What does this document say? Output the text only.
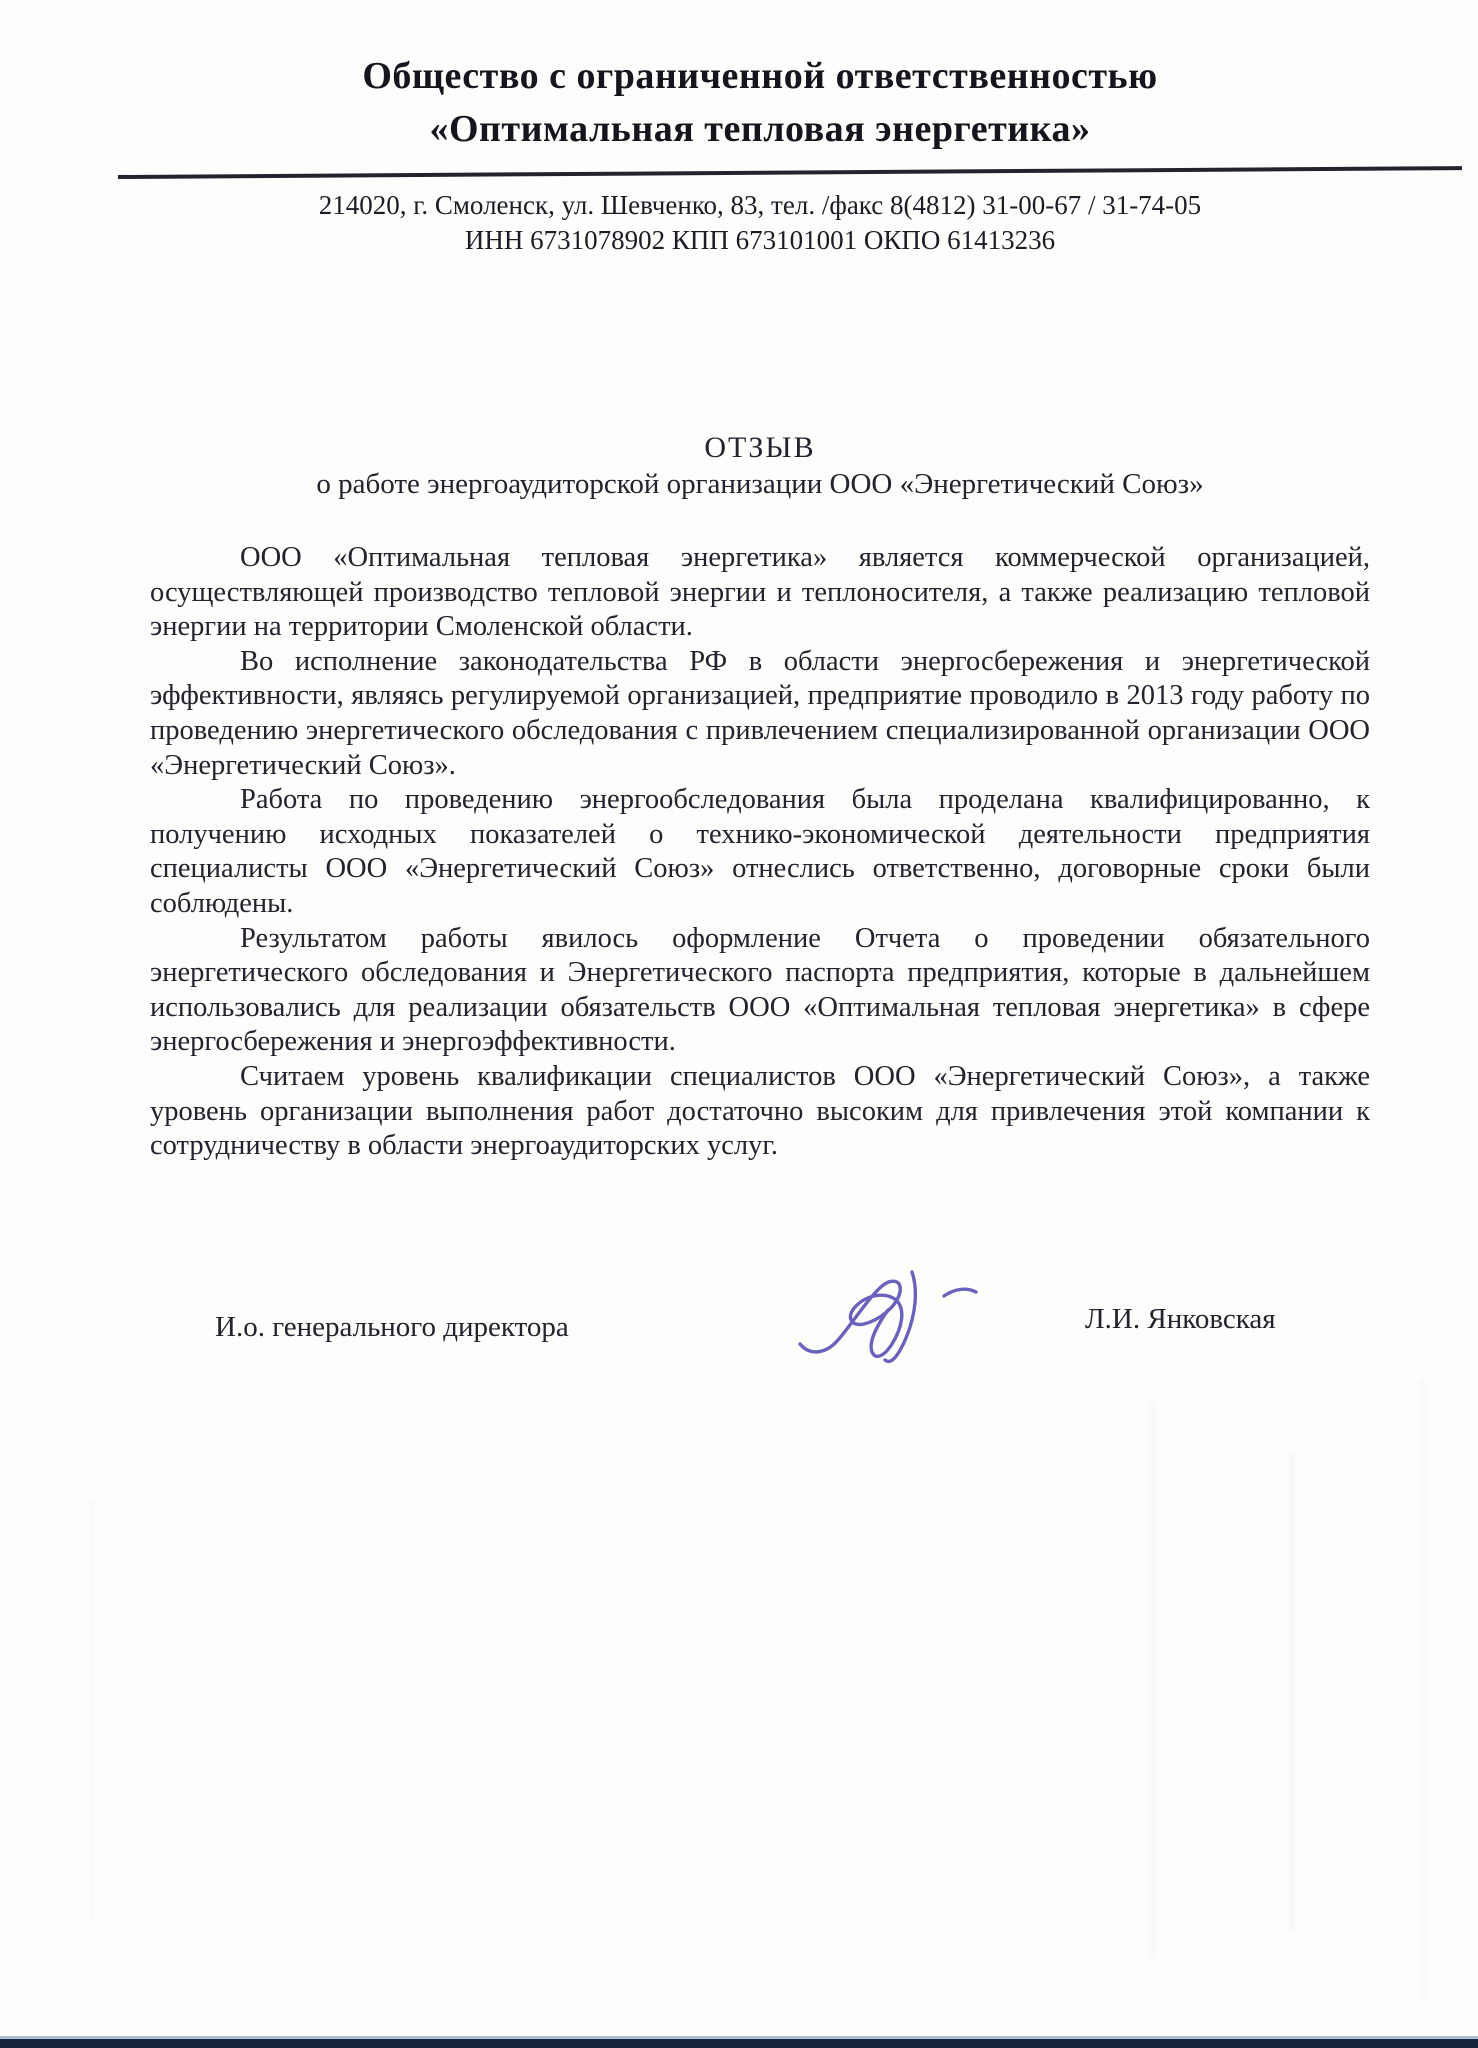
Общество с ограниченной ответственностью
«Оптимальная тепловая энергетика»
214020, г. Смоленск, ул. Шевченко, 83, тел. /факс 8(4812) 31-00-67 / 31-74-05
ИНН 6731078902 КПП 673101001 ОКПО 61413236
ОТЗЫВ
о работе энергоаудиторской организации ООО «Энергетический Союз»

ООО «Оптимальная тепловая энергетика» является коммерческой организацией, осуществляющей производство тепловой энергии и теплоносителя, а также реализацию тепловой энергии на территории Смоленской области.

Во исполнение законодательства РФ в области энергосбережения и энергетической эффективности, являясь регулируемой организацией, предприятие проводило в 2013 году работу по проведению энергетического обследования с привлечением специализированной организации ООО «Энергетический Союз».

Работа по проведению энергообследования была проделана квалифицированно, к получению исходных показателей о технико-экономической деятельности предприятия специалисты ООО «Энергетический Союз» отнеслись ответственно, договорные сроки были соблюдены.

Результатом работы явилось оформление Отчета о проведении обязательного энергетического обследования и Энергетического паспорта предприятия, которые в дальнейшем использовались для реализации обязательств ООО «Оптимальная тепловая энергетика» в сфере энергосбережения и энергоэффективности.

Считаем уровень квалификации специалистов ООО «Энергетический Союз», а также уровень организации выполнения работ достаточно высоким для привлечения этой компании к сотрудничеству в области энергоаудиторских услуг.

И.о. генерального директора	Л.И. Янковская
